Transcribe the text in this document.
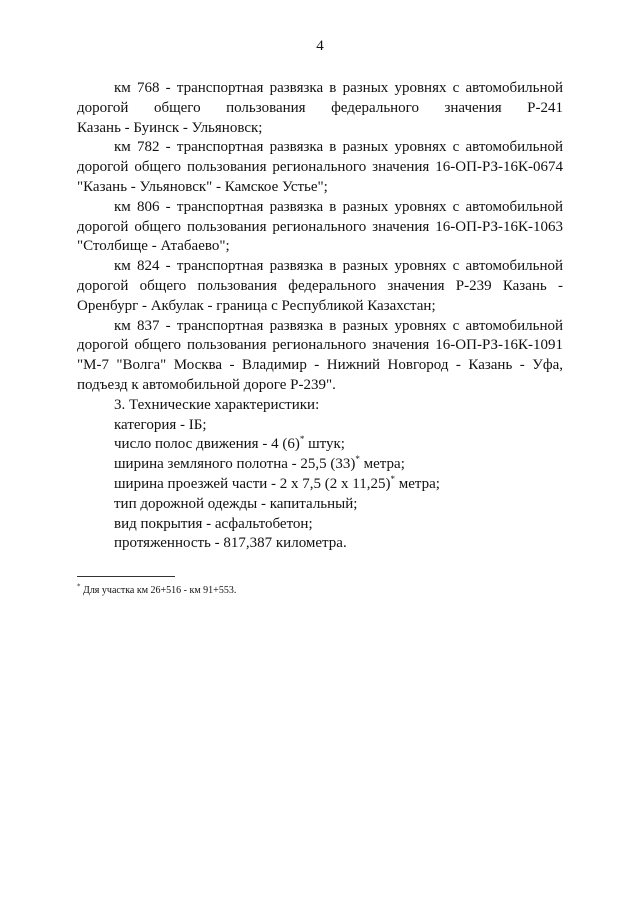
4
км 768 - транспортная развязка в разных уровнях с автомобильной
дорогой общего пользования федерального значения Р-241
Казань - Буинск - Ульяновск;
км 782 - транспортная развязка в разных уровнях с автомобильной
дорогой общего пользования регионального значения 16-ОП-РЗ-16К-0674
"Казань - Ульяновск" - Камское Устье";
км 806 - транспортная развязка в разных уровнях с автомобильной
дорогой общего пользования регионального значения 16-ОП-РЗ-16К-1063
"Столбище - Атабаево";
км 824 - транспортная развязка в разных уровнях с автомобильной
дорогой общего пользования федерального значения Р-239 Казань -
Оренбург - Акбулак - граница с Республикой Казахстан;
км 837 - транспортная развязка в разных уровнях с автомобильной
дорогой общего пользования регионального значения 16-ОП-РЗ-16К-1091
"М-7 "Волга" Москва - Владимир - Нижний Новгород - Казань - Уфа,
подъезд к автомобильной дороге Р-239".
3. Технические характеристики:
категория - IБ;
число полос движения - 4 (6)* штук;
ширина земляного полотна - 25,5 (33)* метра;
ширина проезжей части - 2 х 7,5 (2 х 11,25)* метра;
тип дорожной одежды - капитальный;
вид покрытия - асфальтобетон;
протяженность - 817,387 километра.
* Для участка км 26+516 - км 91+553.
